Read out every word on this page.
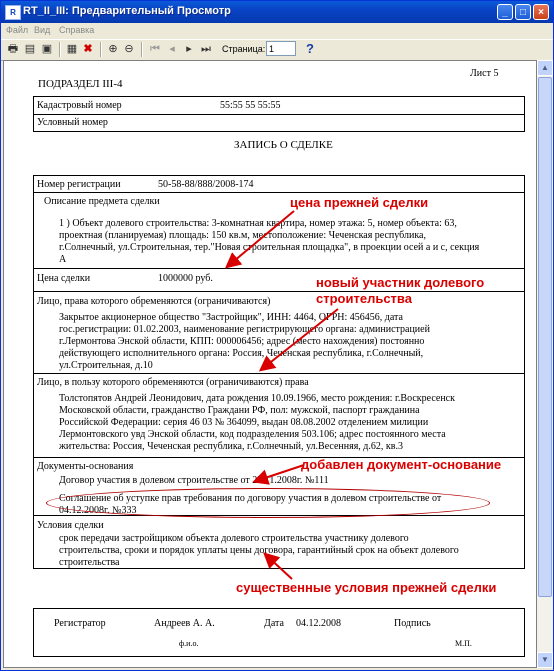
R RT_II_III: Предварительный Просмотр	_	□	×
Файл Вид Справка
🖶 ▤ ▣ ▦ ✖ ⊕ ⊖ ⏮ ◂	▸ ⏭ Страница: 1	?
Лист 5
ПОДРАЗДЕЛ III-4
Кадастровый номер	55:55 55 55:55
Условный номер
ЗАПИСЬ О СДЕЛКЕ
Номер регистрации	50-58-88/888/2008-174
Описание предмета сделки
1 ) Объект долевого строительства: 3-комнатная квартира, номер этажа: 5, номер объекта: 63,
проектная (планируемая) площадь: 150 кв.м, местоположение: Чеченская республика,
г.Солнечный, ул.Строительная, тер."Новая строительная площадка", в проекции осей а и с, секция
А
Цена сделки	1000000 руб.
Лицо, права которого обременяются (ограничиваются)
Закрытое акционерное общество "Застройщик", ИНН: 4464, ОГРН: 456456, дата
гос.регистрации: 01.02.2003, наименование регистрирующего органа: администрацией
г.Лермонтова Энской области, КПП: 000006456; адрес (место нахождения) постоянно
действующего исполнительного органа: Россия, Чеченская республика, г.Солнечный,
ул.Строительная, д.10
Лицо, в пользу которого обременяются (ограничиваются) права
Толстопятов Андрей Леонидович, дата рождения 10.09.1966, место рождения: г.Воскресенск
Московской области, гражданство Граждани РФ, пол: мужской, паспорт гражданина
Российской Федерации: серия 46 03 № 364099, выдан 08.08.2002 отделением милиции
Лермонтовского увд Энской области, код подразделения 503.106; адрес постоянного места
жительства: Россия, Чеченская республика, г.Солнечный, ул.Весенняя, д.62, кв.3
Документы-основания
Договор участия в долевом строительстве от 27.11.2008г. №111
Соглашение об уступке прав требования по договору участия в долевом строительстве от
04.12.2008г. №333
Условия сделки
срок передачи застройщиком объекта долевого строительства участнику долевого
строительства, сроки и порядок уплаты цены договора, гарантийный срок на объект долевого
строительства
Регистратор	Андреев А. А.	Дата 04.12.2008	Подпись
ф.и.о.	М.П.
цена прежней сделки
новый участник долевого
строительства
добавлен документ-основание
существенные условия прежней сделки
▲
▼
